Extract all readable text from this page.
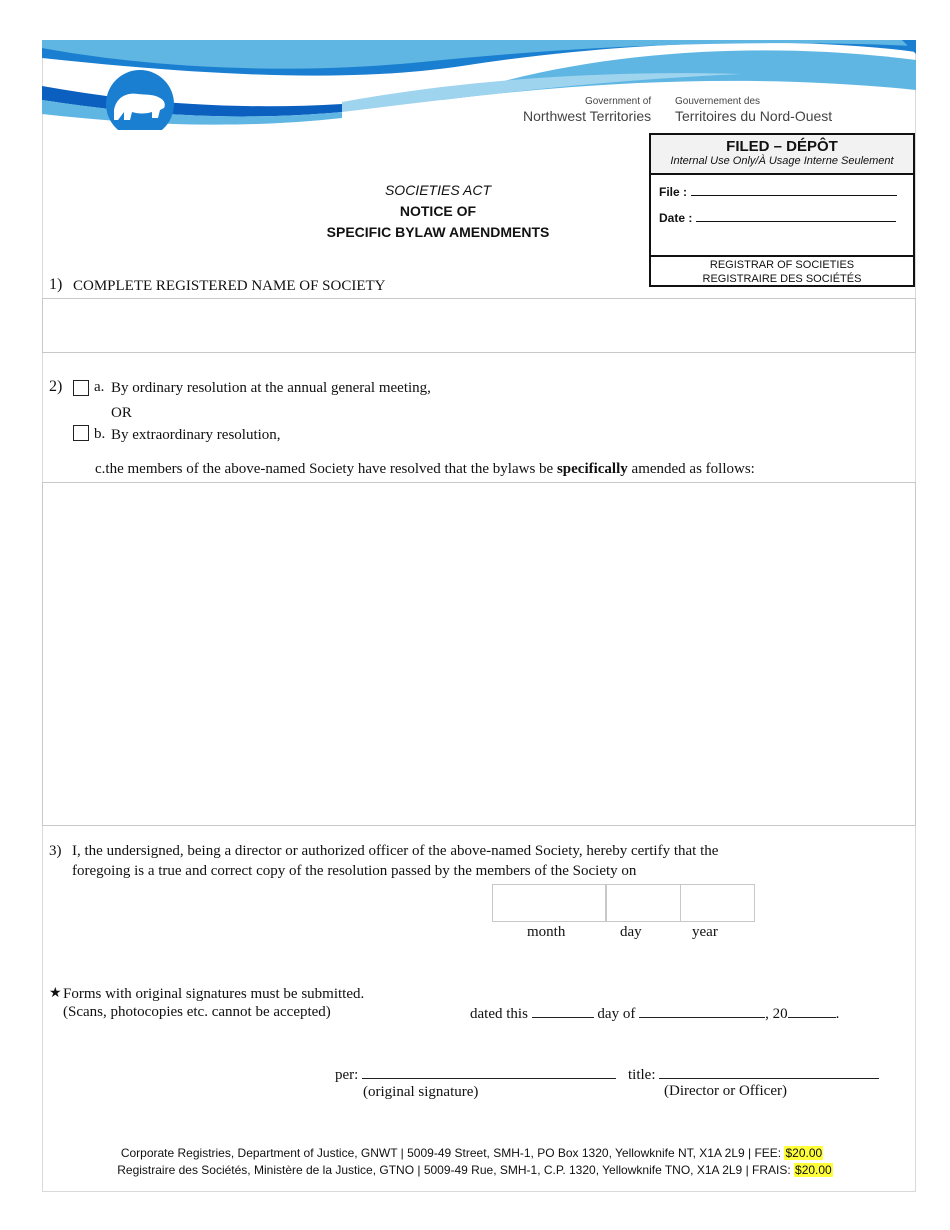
Government of
Northwest Territories
Gouvernement des
Territoires du Nord-Ouest
FILED – DÉPÔT
Internal Use Only/À Usage Interne Seulement
File :
Date :
REGISTRAR OF SOCIETIES
REGISTRAIRE DES SOCIÉTÉS
SOCIETIES ACT
NOTICE OF
SPECIFIC BYLAW AMENDMENTS
1) COMPLETE REGISTERED NAME OF SOCIETY
2) a. By ordinary resolution at the annual general meeting,
OR
b. By extraordinary resolution,
c.the members of the above-named Society have resolved that the bylaws be specifically amended as follows:
3) I, the undersigned, being a director or authorized officer of the above-named Society, hereby certify that the
foregoing is a true and correct copy of the resolution passed by the members of the Society on
month	day	year
★ Forms with original signatures must be submitted.
(Scans, photocopies etc. cannot be accepted)	dated this	day of	, 20	.
per:	title:
(original signature)	(Director or Officer)
Corporate Registries, Department of Justice, GNWT | 5009-49 Street, SMH-1, PO Box 1320, Yellowknife NT, X1A 2L9 | FEE: $20.00
Registraire des Sociétés, Ministère de la Justice, GTNO | 5009-49 Rue, SMH-1, C.P. 1320, Yellowknife TNO, X1A 2L9 | FRAIS: $20.00
